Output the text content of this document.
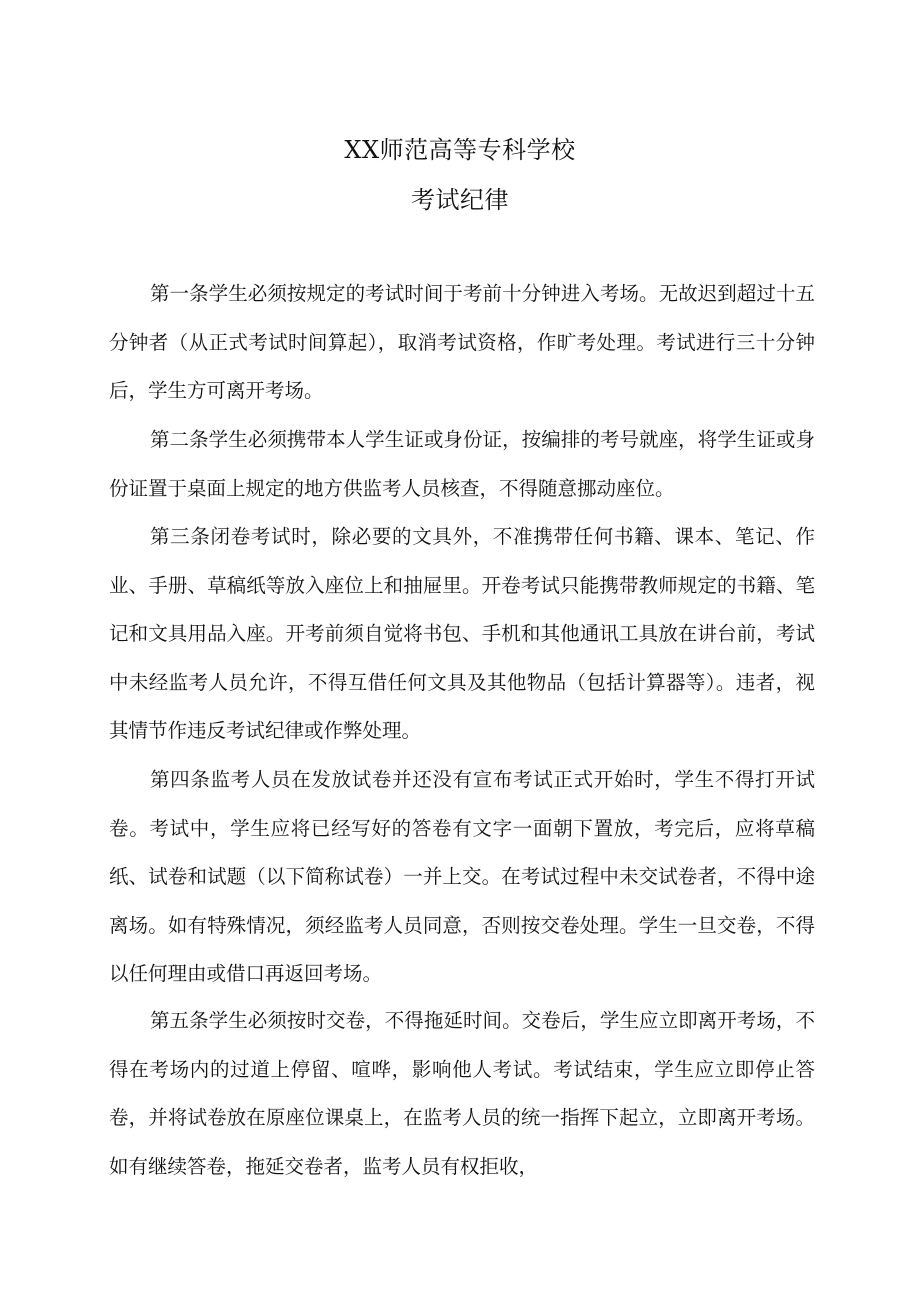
XX师范高等专科学校
考试纪律

第一条学生必须按规定的考试时间于考前十分钟进入考场。无故迟到超过十五分钟者（从正式考试时间算起），取消考试资格，作旷考处理。考试进行三十分钟后，学生方可离开考场。

第二条学生必须携带本人学生证或身份证，按编排的考号就座，将学生证或身份证置于桌面上规定的地方供监考人员核查，不得随意挪动座位。

第三条闭卷考试时，除必要的文具外，不准携带任何书籍、课本、笔记、作业、手册、草稿纸等放入座位上和抽屉里。开卷考试只能携带教师规定的书籍、笔记和文具用品入座。开考前须自觉将书包、手机和其他通讯工具放在讲台前，考试中未经监考人员允许，不得互借任何文具及其他物品（包括计算器等）。违者，视其情节作违反考试纪律或作弊处理。

第四条监考人员在发放试卷并还没有宣布考试正式开始时，学生不得打开试卷。考试中，学生应将已经写好的答卷有文字一面朝下置放，考完后，应将草稿纸、试卷和试题（以下简称试卷）一并上交。在考试过程中未交试卷者，不得中途离场。如有特殊情况，须经监考人员同意，否则按交卷处理。学生一旦交卷，不得以任何理由或借口再返回考场。

第五条学生必须按时交卷，不得拖延时间。交卷后，学生应立即离开考场，不得在考场内的过道上停留、喧哗，影响他人考试。考试结束，学生应立即停止答卷，并将试卷放在原座位课桌上，在监考人员的统一指挥下起立，立即离开考场。如有继续答卷，拖延交卷者，监考人员有权拒收，
